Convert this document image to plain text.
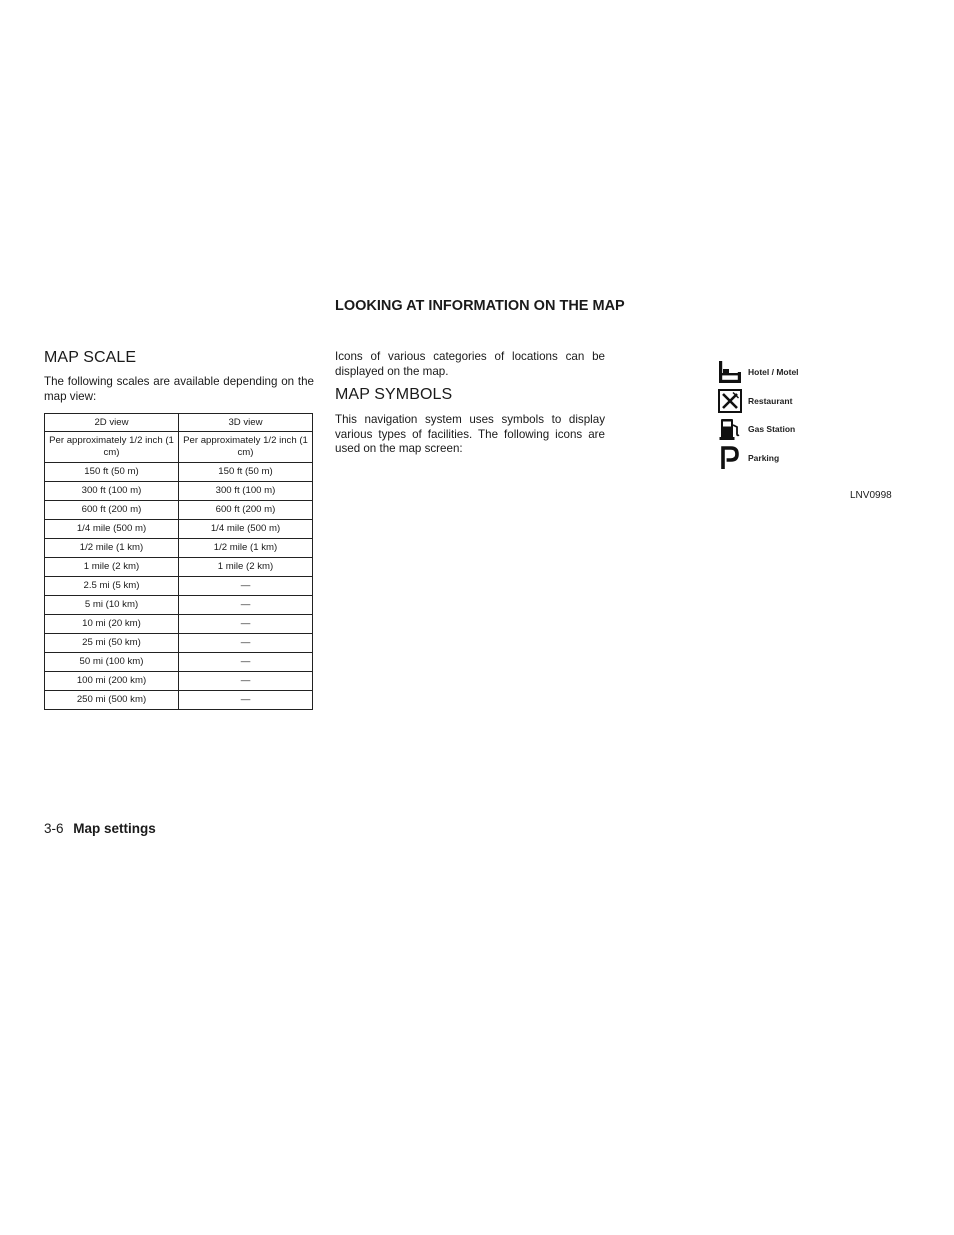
MAP SCALE
The following scales are available depending on the map view:
2D view	3D view
Per approximately 1/2 inch (1 cm)	Per approximately 1/2 inch (1 cm)
150 ft (50 m)	150 ft (50 m)
300 ft (100 m)	300 ft (100 m)
600 ft (200 m)	600 ft (200 m)
1/4 mile (500 m)	1/4 mile (500 m)
1/2 mile (1 km)	1/2 mile (1 km)
1 mile (2 km)	1 mile (2 km)
2.5 mi (5 km)	—
5 mi (10 km)	—
10 mi (20 km)	—
25 mi (50 km)	—
50 mi (100 km)	—
100 mi (200 km)	—
250 mi (500 km)	—
LOOKING AT INFORMATION ON THE MAP
Icons of various categories of locations can be displayed on the map.
MAP SYMBOLS
This navigation system uses symbols to display various types of facilities. The following icons are used on the map screen:
Hotel / Motel
Restaurant
Gas Station
Parking
LNV0998
3-6 Map settings
